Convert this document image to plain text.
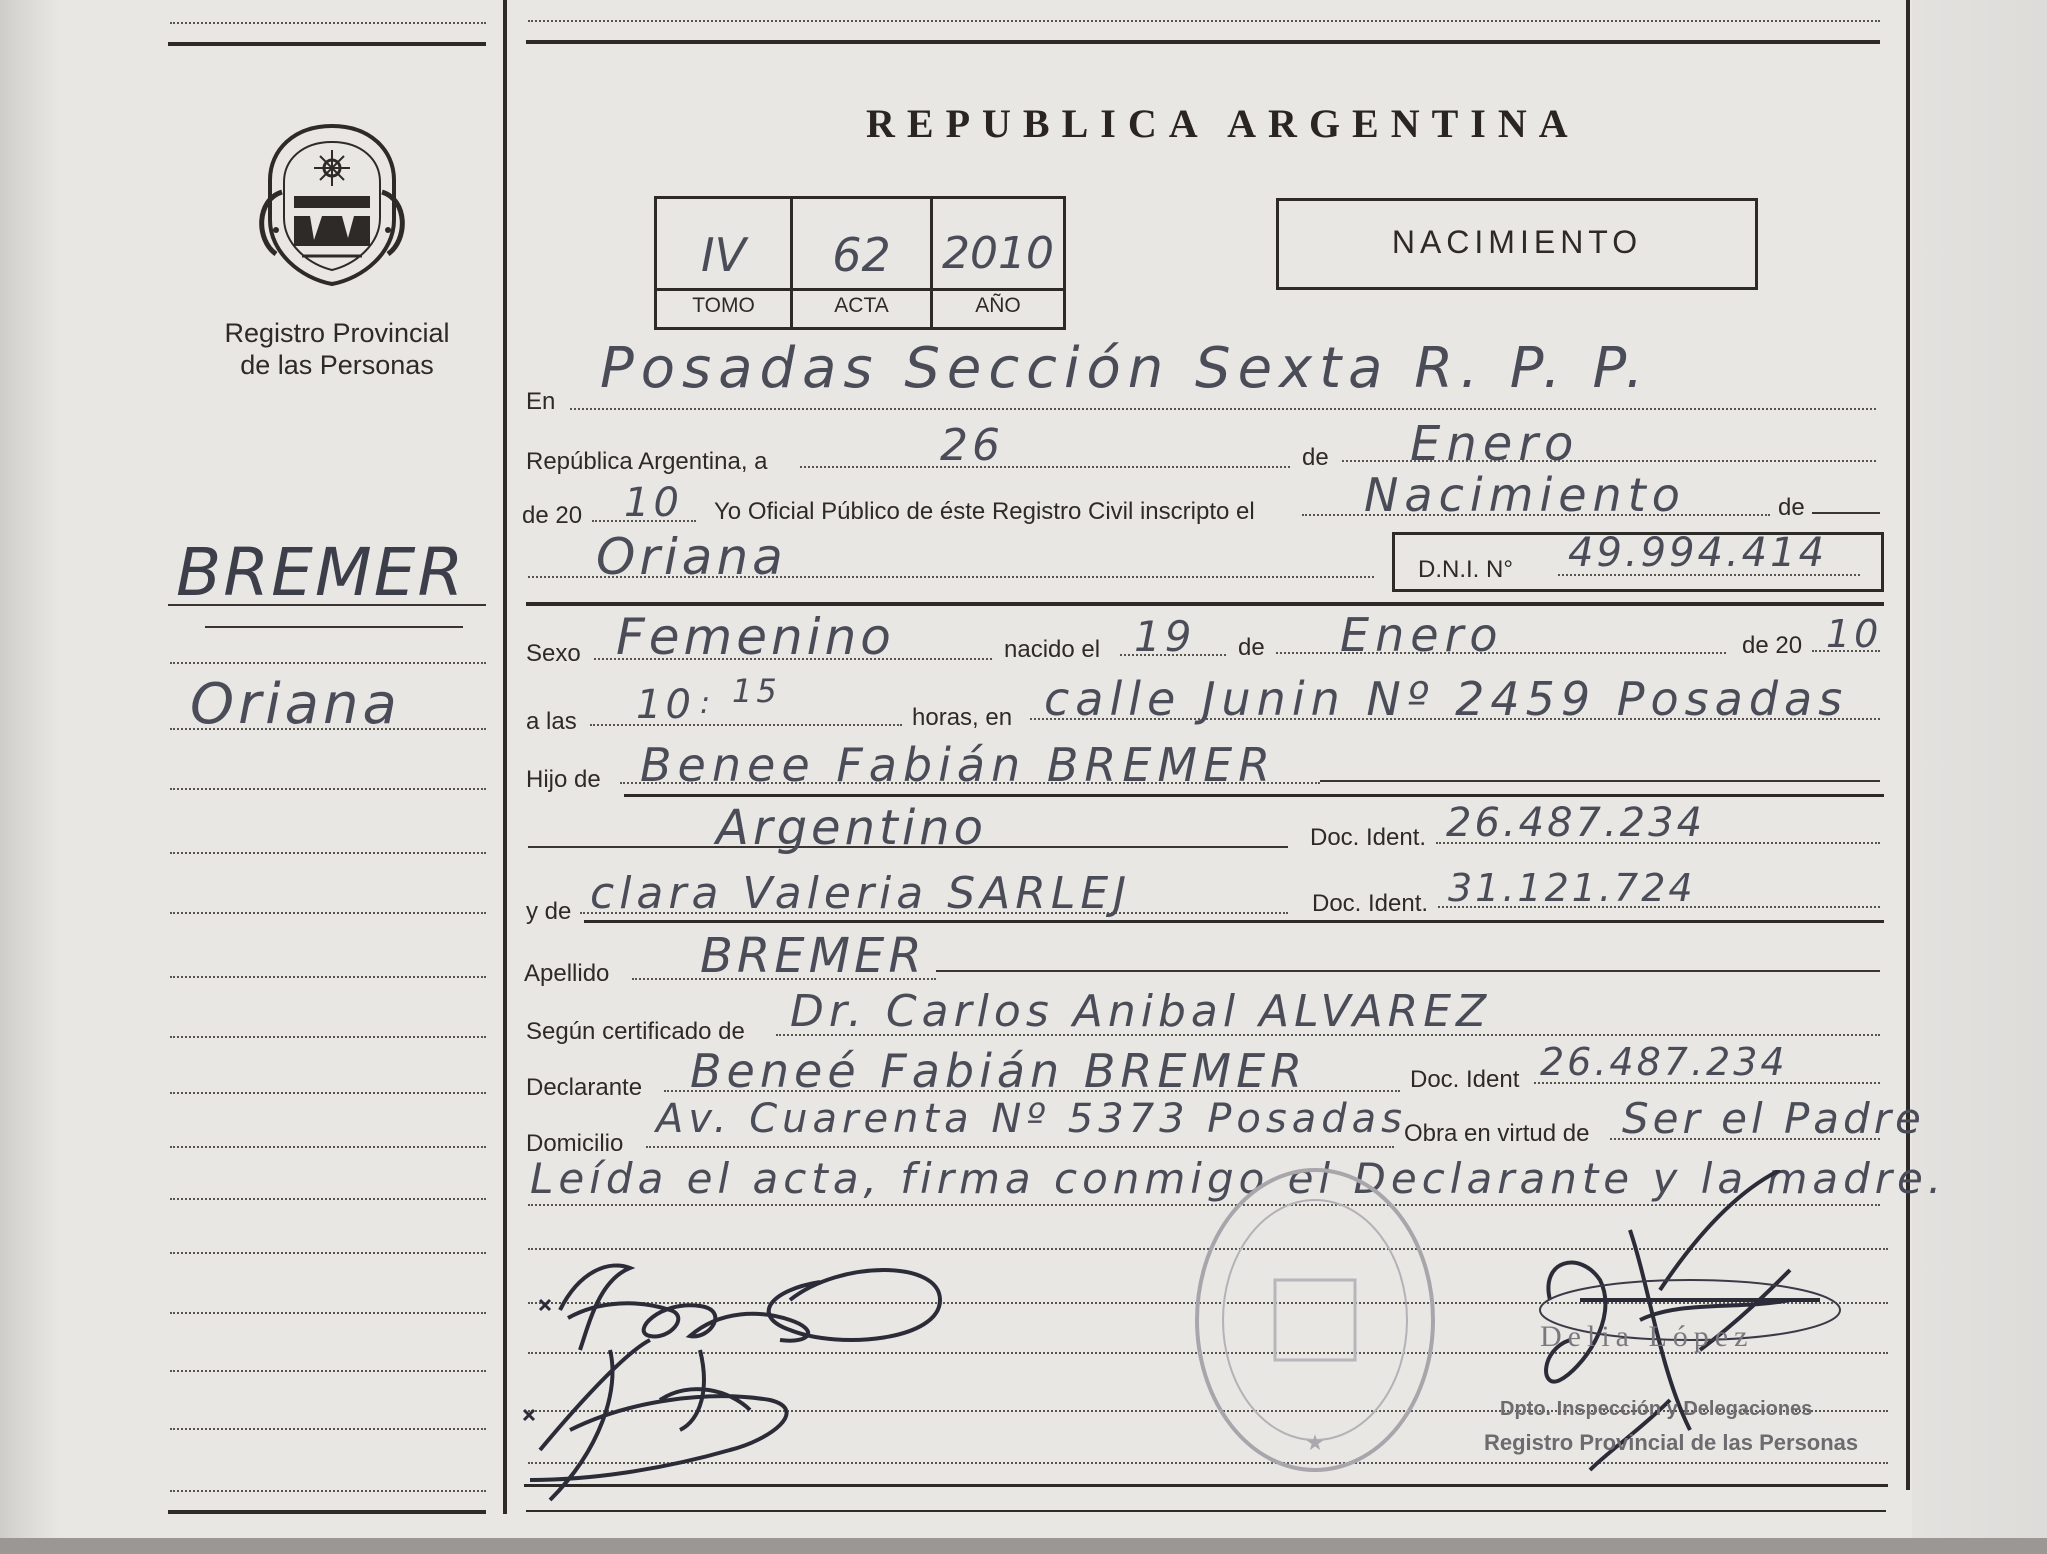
Registro Provincial
de las Personas
BREMER
Oriana
REPUBLICA ARGENTINA
IV	62	2010
TOMO	ACTA	AÑO
NACIMIENTO
En
Posadas Sección Sexta R. P. P.
República Argentina, a	26	de Enero
de 20 10 Yo Oficial Público de éste Registro Civil inscripto el Nacimiento	de
Oriana	D.N.I. N° 49.994.414
Sexo Femenino	nacido el 19 de Enero	de 20 10
a las 10 : 15
horas, en calle Junin Nº 2459 Posadas
Hijo de Benee Fabián BREMER
Argentino	Doc. Ident. 26.487.234
y de clara Valeria SARLEJ	Doc. Ident. 31.121.724
Apellido BREMER
Según certificado de Dr. Carlos Anibal ALVAREZ
Declarante Beneé Fabián BREMER	Doc. Ident 26.487.234
Domicilio
Av. Cuarenta Nº 5373 Posadas
Obra en virtud de Ser el Padre
Leída el acta, firma conmigo el Declarante y la madre.
★
Delia López
Dpto. Inspección y Delegaciones
Registro Provincial de las Personas
